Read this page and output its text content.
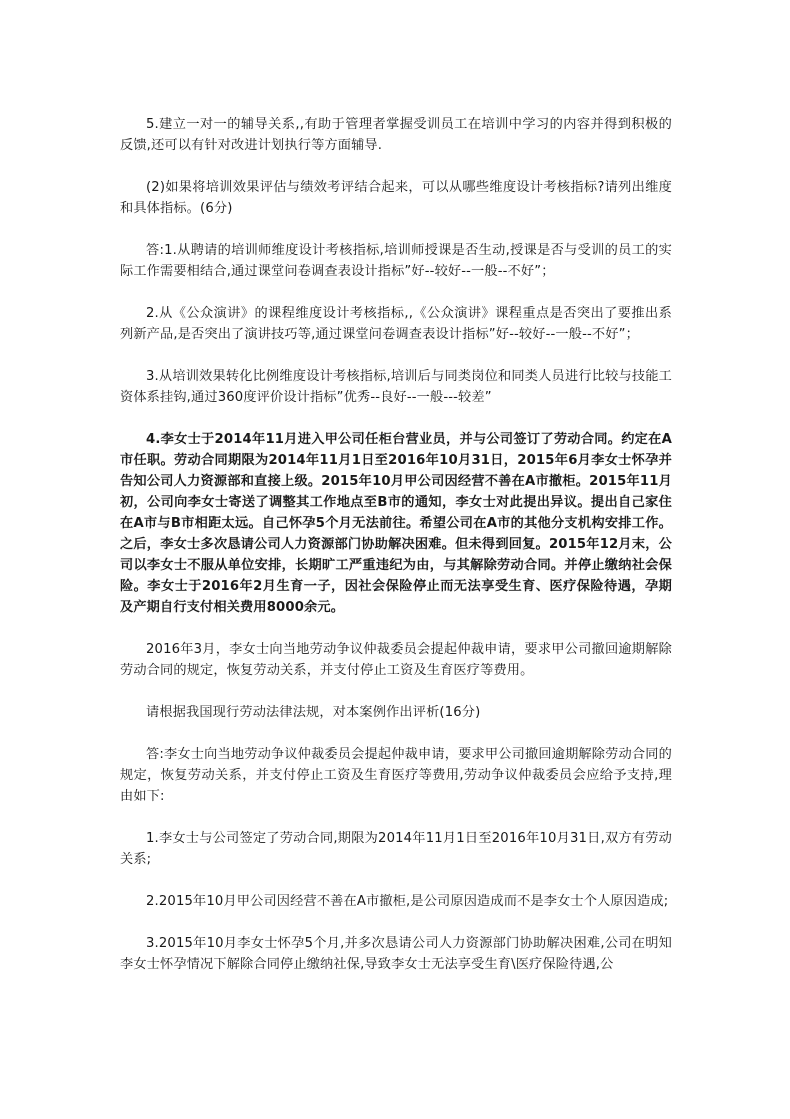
5.建立一对一的辅导关系,,有助于管理者掌握受训员工在培训中学习的内容并得到积极的反馈,还可以有针对改进计划执行等方面辅导.

(2)如果将培训效果评估与绩效考评结合起来，可以从哪些维度设计考核指标?请列出维度和具体指标。(6分)

答:1.从聘请的培训师维度设计考核指标,培训师授课是否生动,授课是否与受训的员工的实际工作需要相结合,通过课堂问卷调查表设计指标”好--较好--一般--不好”；

2.从《公众演讲》的课程维度设计考核指标,,《公众演讲》课程重点是否突出了要推出系列新产品,是否突出了演讲技巧等,通过课堂问卷调查表设计指标”好--较好--一般--不好”；

3.从培训效果转化比例维度设计考核指标,培训后与同类岗位和同类人员进行比较与技能工资体系挂钩,通过360度评价设计指标”优秀--良好--一般---较差”

4.李女士于2014年11月进入甲公司任柜台营业员，并与公司签订了劳动合同。约定在A市任职。劳动合同期限为2014年11月1日至2016年10月31日，2015年6月李女士怀孕并告知公司人力资源部和直接上级。2015年10月甲公司因经营不善在A市撤柜。2015年11月初，公司向李女士寄送了调整其工作地点至B市的通知，李女士对此提出异议。提出自己家住在A市与B市相距太远。自己怀孕5个月无法前往。希望公司在A市的其他分支机构安排工作。之后，李女士多次恳请公司人力资源部门协助解决困难。但未得到回复。2015年12月末，公司以李女士不服从单位安排，长期旷工严重违纪为由，与其解除劳动合同。并停止缴纳社会保险。李女士于2016年2月生育一子，因社会保险停止而无法享受生育、医疗保险待遇，孕期及产期自行支付相关费用8000余元。

2016年3月，李女士向当地劳动争议仲裁委员会提起仲裁申请，要求甲公司撤回逾期解除劳动合同的规定，恢复劳动关系，并支付停止工资及生育医疗等费用。

请根据我国现行劳动法律法规，对本案例作出评析(16分)

答:李女士向当地劳动争议仲裁委员会提起仲裁申请，要求甲公司撤回逾期解除劳动合同的规定，恢复劳动关系，并支付停止工资及生育医疗等费用,劳动争议仲裁委员会应给予支持,理由如下:

1.李女士与公司签定了劳动合同,期限为2014年11月1日至2016年10月31日,双方有劳动关系;

2.2015年10月甲公司因经营不善在A市撤柜,是公司原因造成而不是李女士个人原因造成;

3.2015年10月李女士怀孕5个月,并多次恳请公司人力资源部门协助解决困难,公司在明知李女士怀孕情况下解除合同停止缴纳社保,导致李女士无法享受生育\医疗保险待遇,公
